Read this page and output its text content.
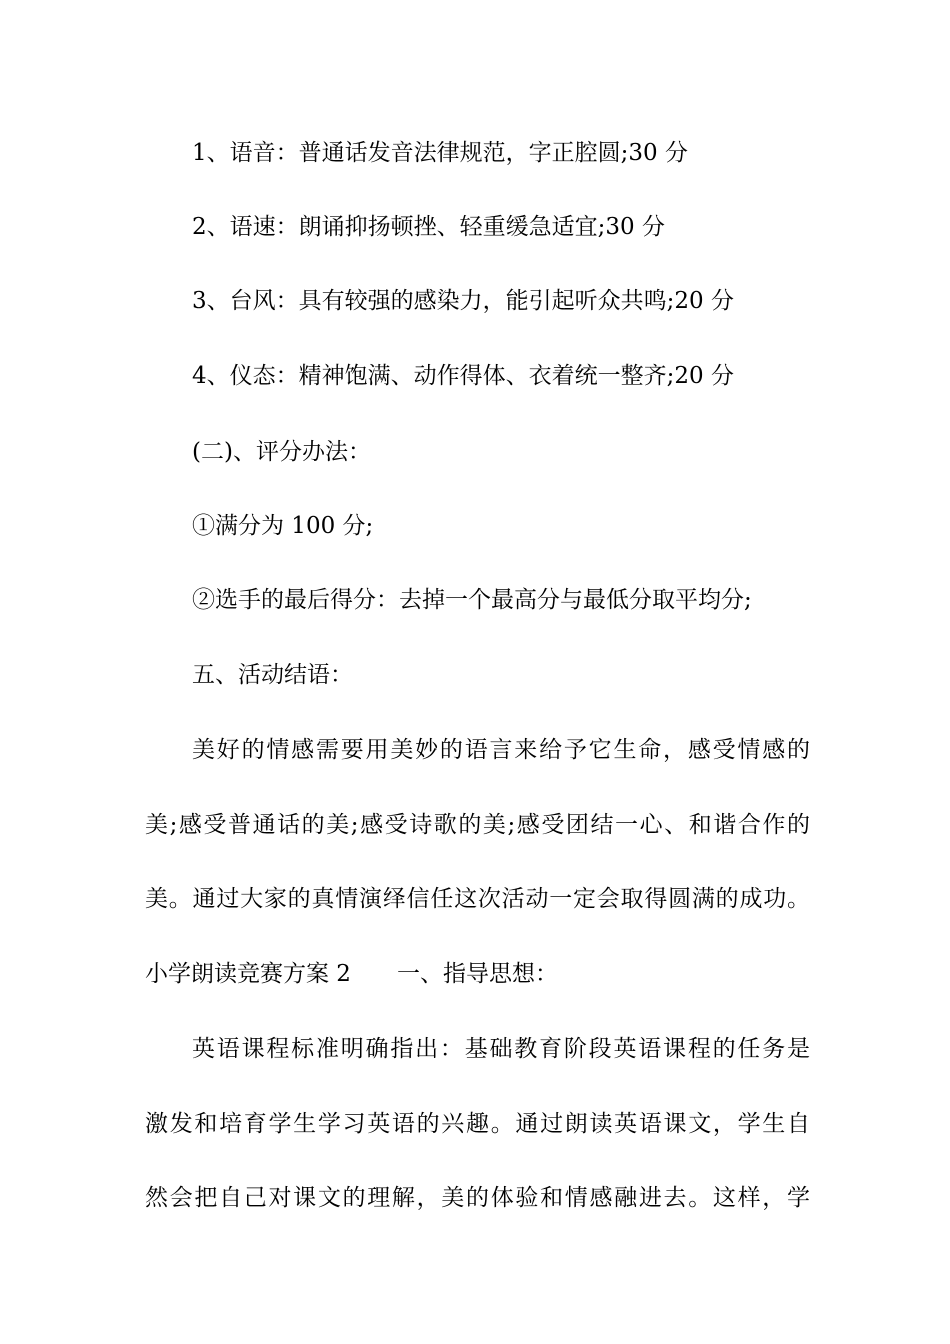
1、语音：普通话发音法律规范，字正腔圆;30 分
2、语速：朗诵抑扬顿挫、轻重缓急适宜;30 分
3、台风：具有较强的感染力，能引起听众共鸣;20 分
4、仪态：精神饱满、动作得体、衣着统一整齐;20 分
(二)、评分办法：
①满分为 100 分;
②选手的最后得分：去掉一个最高分与最低分取平均分;
五、活动结语：
美好的情感需要用美妙的语言来给予它生命，感受情感的
美;感受普通话的美;感受诗歌的美;感受团结一心、和谐合作的
美。通过大家的真情演绎信任这次活动一定会取得圆满的成功。
小学朗读竞赛方案 2 一、指导思想：
英语课程标准明确指出：基础教育阶段英语课程的任务是
激发和培育学生学习英语的兴趣。通过朗读英语课文，学生自
然会把自己对课文的理解，美的体验和情感融进去。这样，学
